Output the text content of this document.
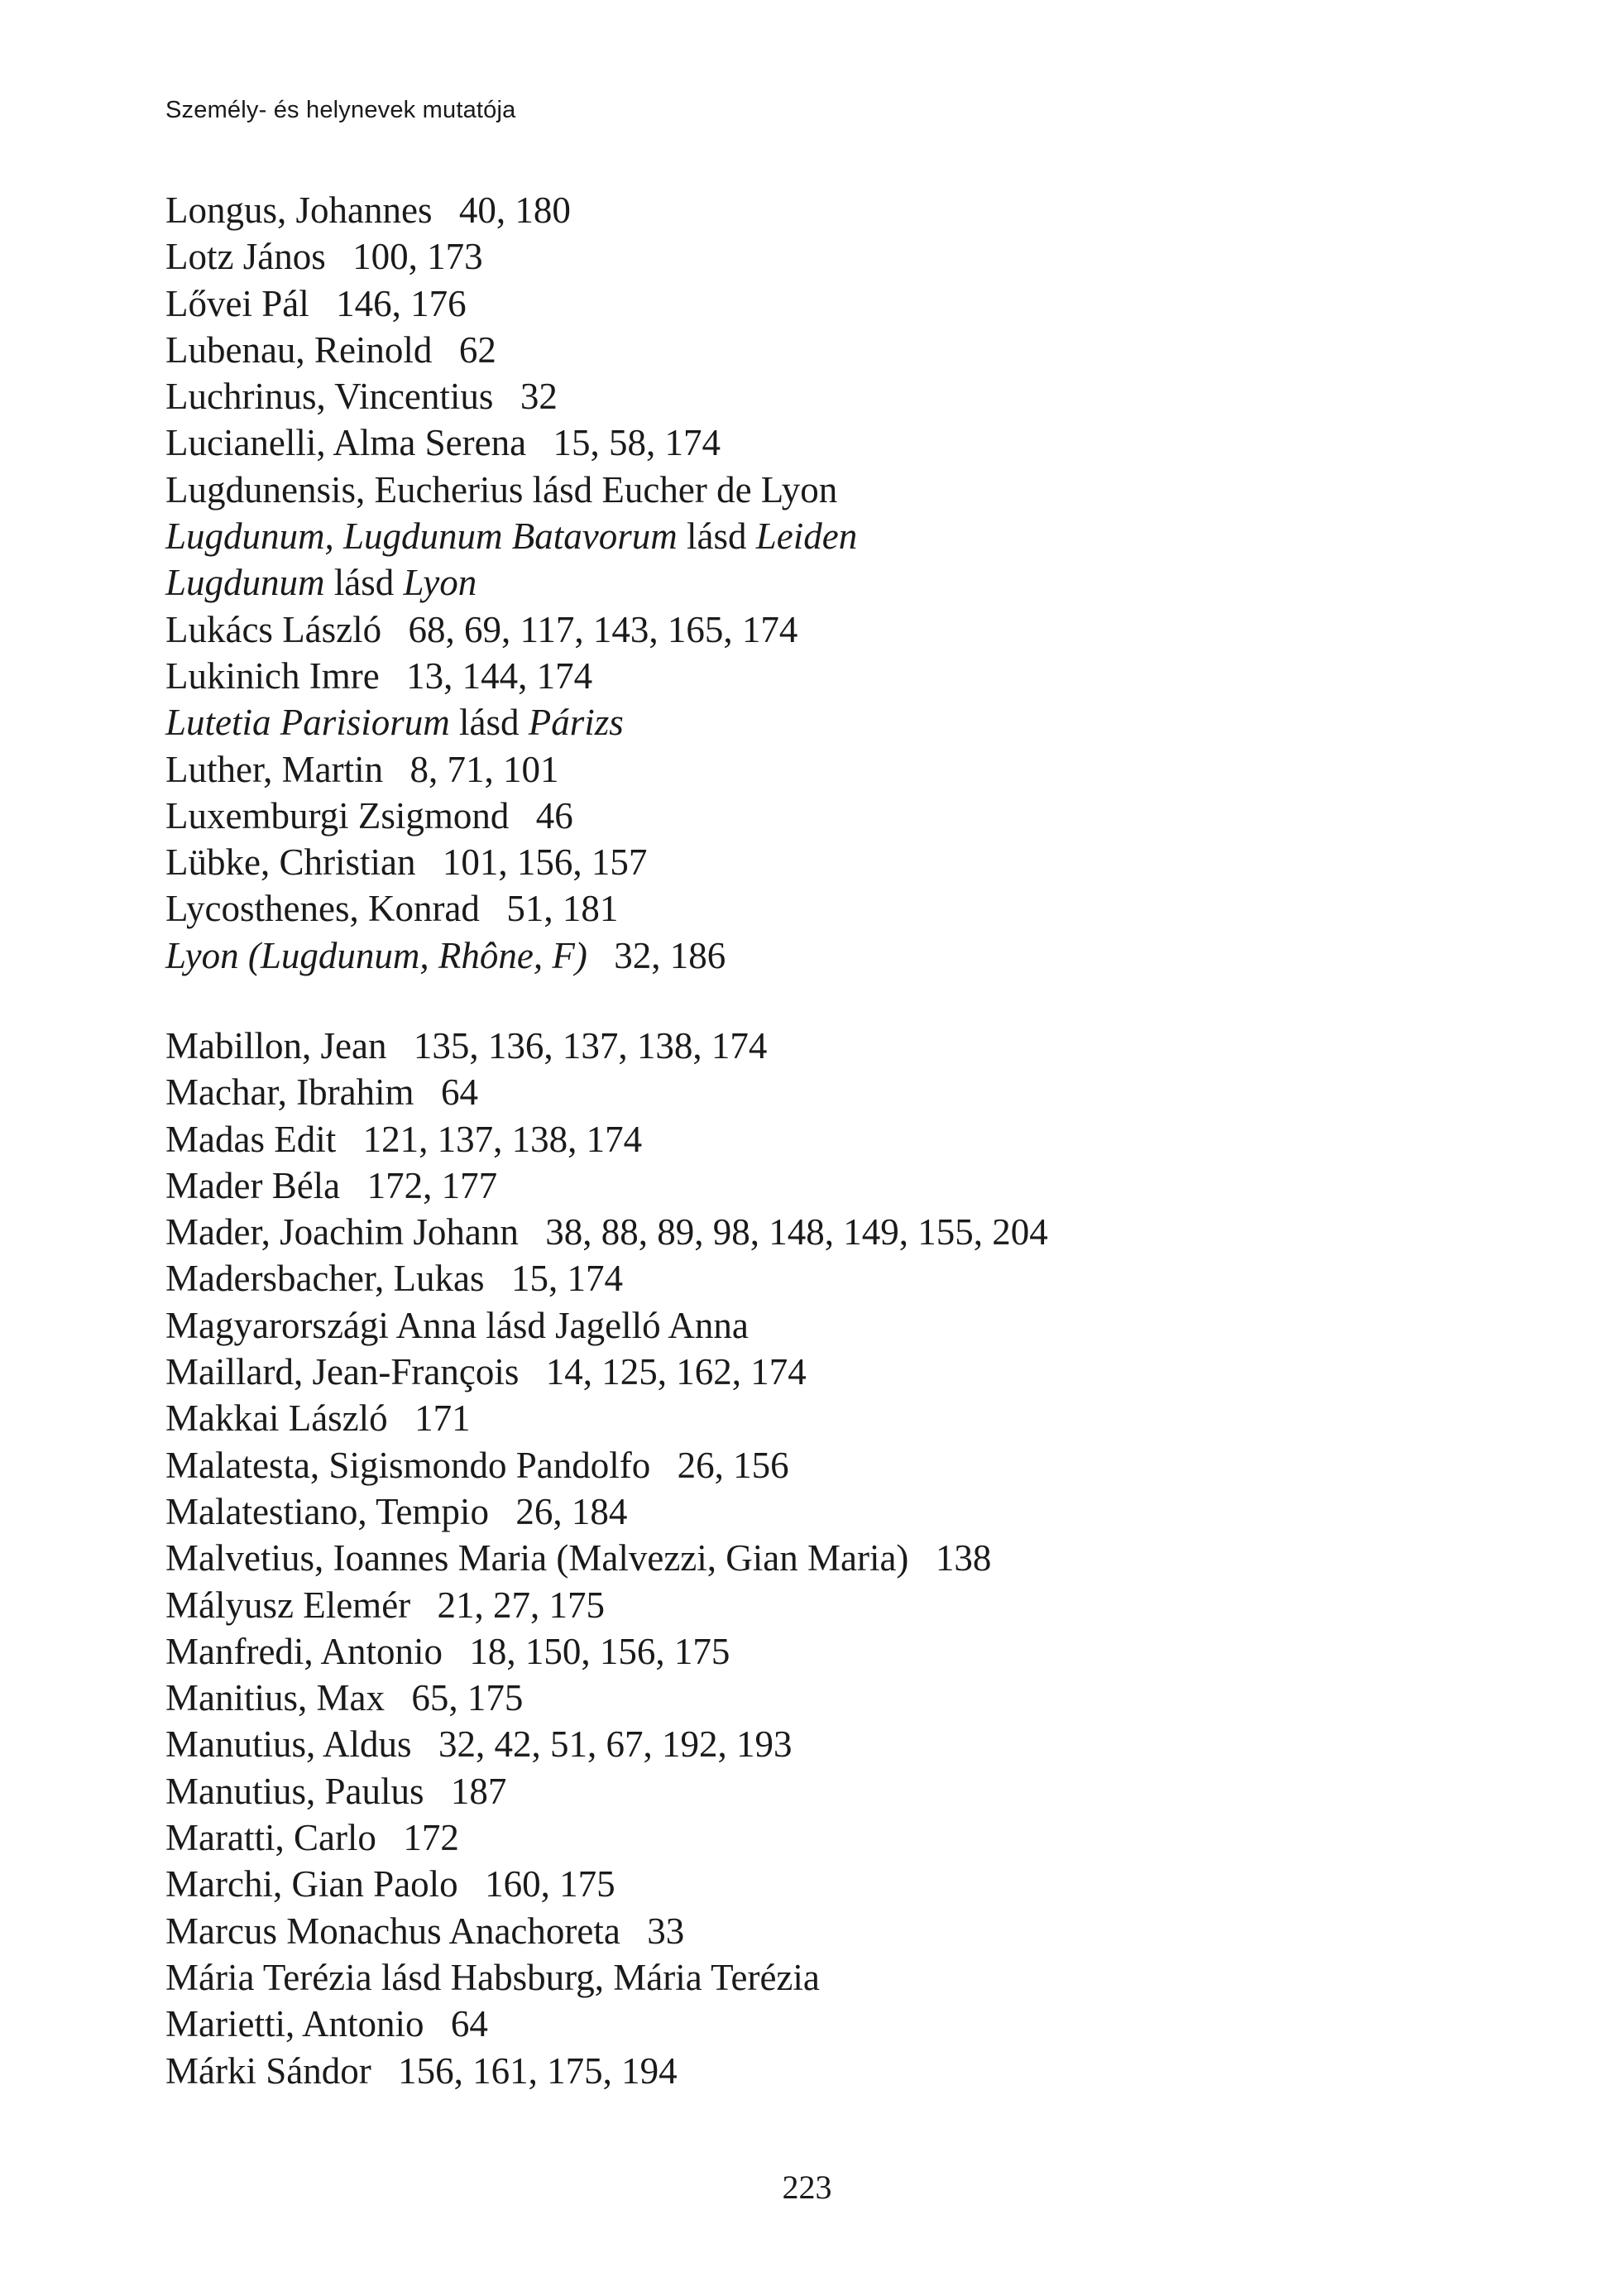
Személy- és helynevek mutatója
Longus, Johannes 40, 180
Lotz János 100, 173
Lővei Pál 146, 176
Lubenau, Reinold 62
Luchrinus, Vincentius 32
Lucianelli, Alma Serena 15, 58, 174
Lugdunensis, Eucherius lásd Eucher de Lyon
Lugdunum, Lugdunum Batavorum lásd Leiden
Lugdunum lásd Lyon
Lukács László 68, 69, 117, 143, 165, 174
Lukinich Imre 13, 144, 174
Lutetia Parisiorum lásd Párizs
Luther, Martin 8, 71, 101
Luxemburgi Zsigmond 46
Lübke, Christian 101, 156, 157
Lycosthenes, Konrad 51, 181
Lyon (Lugdunum, Rhône, F) 32, 186
Mabillon, Jean 135, 136, 137, 138, 174
Machar, Ibrahim 64
Madas Edit 121, 137, 138, 174
Mader Béla 172, 177
Mader, Joachim Johann 38, 88, 89, 98, 148, 149, 155, 204
Madersbacher, Lukas 15, 174
Magyarországi Anna lásd Jagelló Anna
Maillard, Jean-François 14, 125, 162, 174
Makkai László 171
Malatesta, Sigismondo Pandolfo 26, 156
Malatestiano, Tempio 26, 184
Malvetius, Ioannes Maria (Malvezzi, Gian Maria) 138
Mályusz Elemér 21, 27, 175
Manfredi, Antonio 18, 150, 156, 175
Manitius, Max 65, 175
Manutius, Aldus 32, 42, 51, 67, 192, 193
Manutius, Paulus 187
Maratti, Carlo 172
Marchi, Gian Paolo 160, 175
Marcus Monachus Anachoreta 33
Mária Terézia lásd Habsburg, Mária Terézia
Marietti, Antonio 64
Márki Sándor 156, 161, 175, 194
223
